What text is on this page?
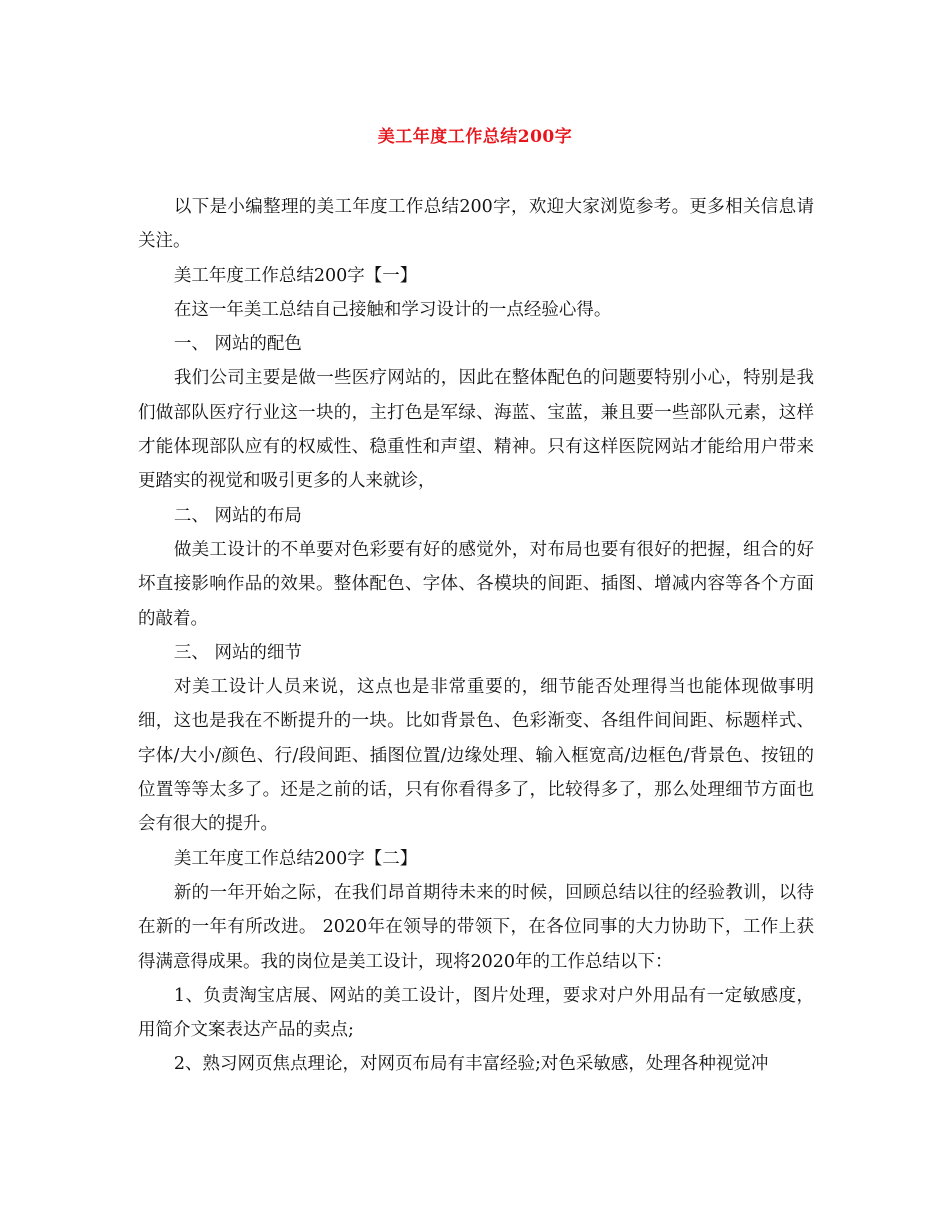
美工年度工作总结200字

以下是小编整理的美工年度工作总结200字，欢迎大家浏览参考。更多相关信息请关注。

美工年度工作总结200字【一】

在这一年美工总结自己接触和学习设计的一点经验心得。

一、 网站的配色

我们公司主要是做一些医疗网站的，因此在整体配色的问题要特别小心，特别是我们做部队医疗行业这一块的，主打色是军绿、海蓝、宝蓝，兼且要一些部队元素，这样才能体现部队应有的权威性、稳重性和声望、精神。只有这样医院网站才能给用户带来更踏实的视觉和吸引更多的人来就诊，

二、 网站的布局

做美工设计的不单要对色彩要有好的感觉外，对布局也要有很好的把握，组合的好坏直接影响作品的效果。整体配色、字体、各模块的间距、插图、增减内容等各个方面的敲着。

三、 网站的细节

对美工设计人员来说，这点也是非常重要的，细节能否处理得当也能体现做事明细，这也是我在不断提升的一块。比如背景色、色彩渐变、各组件间间距、标题样式、字体/大小/颜色、行/段间距、插图位置/边缘处理、输入框宽高/边框色/背景色、按钮的位置等等太多了。还是之前的话，只有你看得多了，比较得多了，那么处理细节方面也会有很大的提升。

美工年度工作总结200字【二】

新的一年开始之际，在我们昂首期待未来的时候，回顾总结以往的经验教训，以待在新的一年有所改进。 2020年在领导的带领下，在各位同事的大力协助下，工作上获得满意得成果。我的岗位是美工设计，现将2020年的工作总结以下：

1、负责淘宝店展、网站的美工设计，图片处理，要求对户外用品有一定敏感度，用简介文案表达产品的卖点;

2、熟习网页焦点理论，对网页布局有丰富经验;对色采敏感，处理各种视觉冲
